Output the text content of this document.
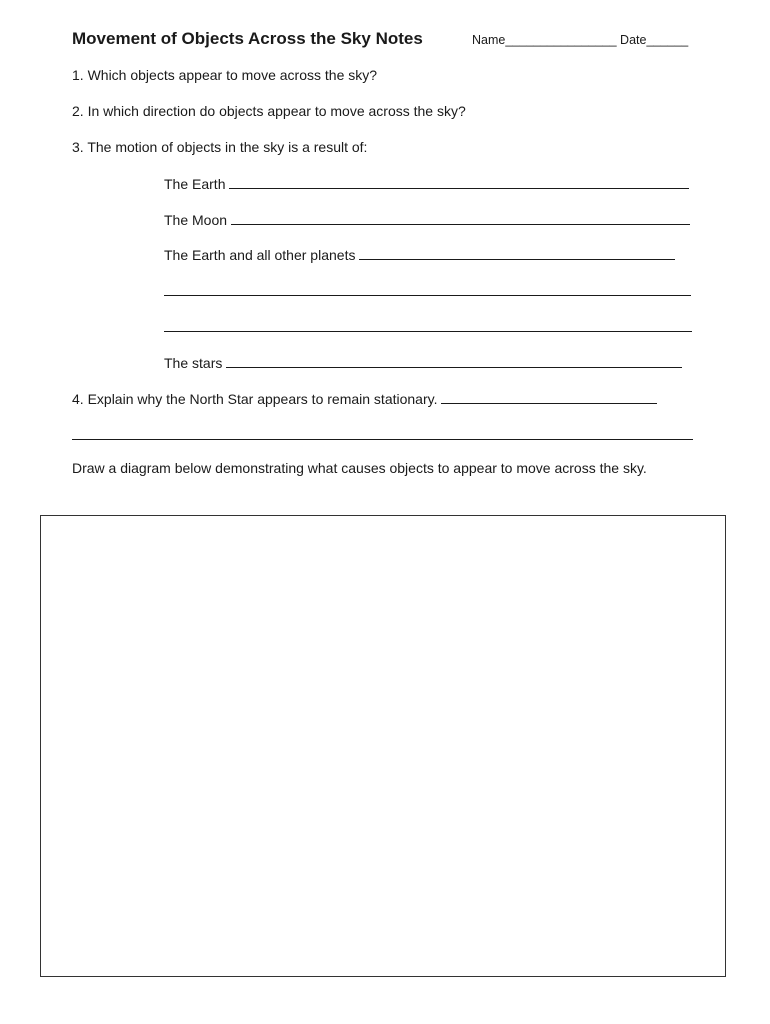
Movement of Objects Across the Sky Notes	Name________________ Date______

1. Which objects appear to move across the sky?

2. In which direction do objects appear to move across the sky?

3. The motion of objects in the sky is a result of:

The Earth
The Moon
The Earth and all other planets
The stars
4. Explain why the North Star appears to remain stationary.

Draw a diagram below demonstrating what causes objects to appear to move across the sky.
